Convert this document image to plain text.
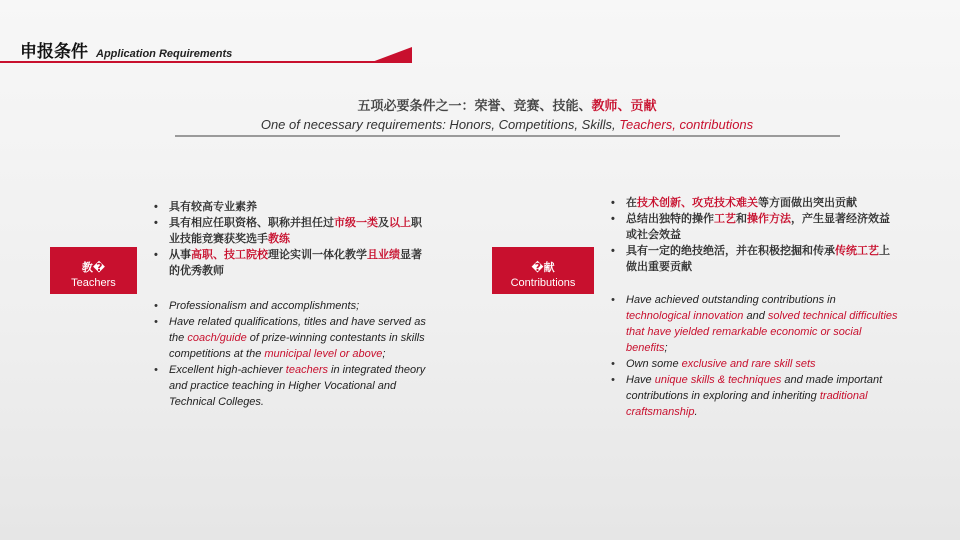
申报条件 Application Requirements
五项必要条件之一：荣誉、竞赛、技能、教师、贡献
One of necessary requirements: Honors, Competitions, Skills, Teachers, contributions
教�
Teachers
�献
Contributions
• 具有较高专业素养
• 具有相应任职资格、职称并担任过市级一类及以上职业技能竞赛获奖选手教练
• 从事高职、技工院校理论实训一体化教学且业绩显著的优秀教师
• Professionalism and accomplishments;
• Have related qualifications, titles and have served as the coach/guide of prize-winning contestants in skills competitions at the municipal level or above;
• Excellent high-achiever teachers in integrated theory and practice teaching in Higher Vocational and Technical Colleges.
• 在技术创新、攻克技术难关等方面做出突出贡献
• 总结出独特的操作工艺和操作方法，产生显著经济效益或社会效益
• 具有一定的绝技绝活，并在积极挖掘和传承传统工艺上做出重要贡献
• Have achieved outstanding contributions in technological innovation and solved technical difficulties that have yielded remarkable economic or social benefits;
• Own some exclusive and rare skill sets
• Have unique skills & techniques and made important contributions in exploring and inheriting traditional craftsmanship.
